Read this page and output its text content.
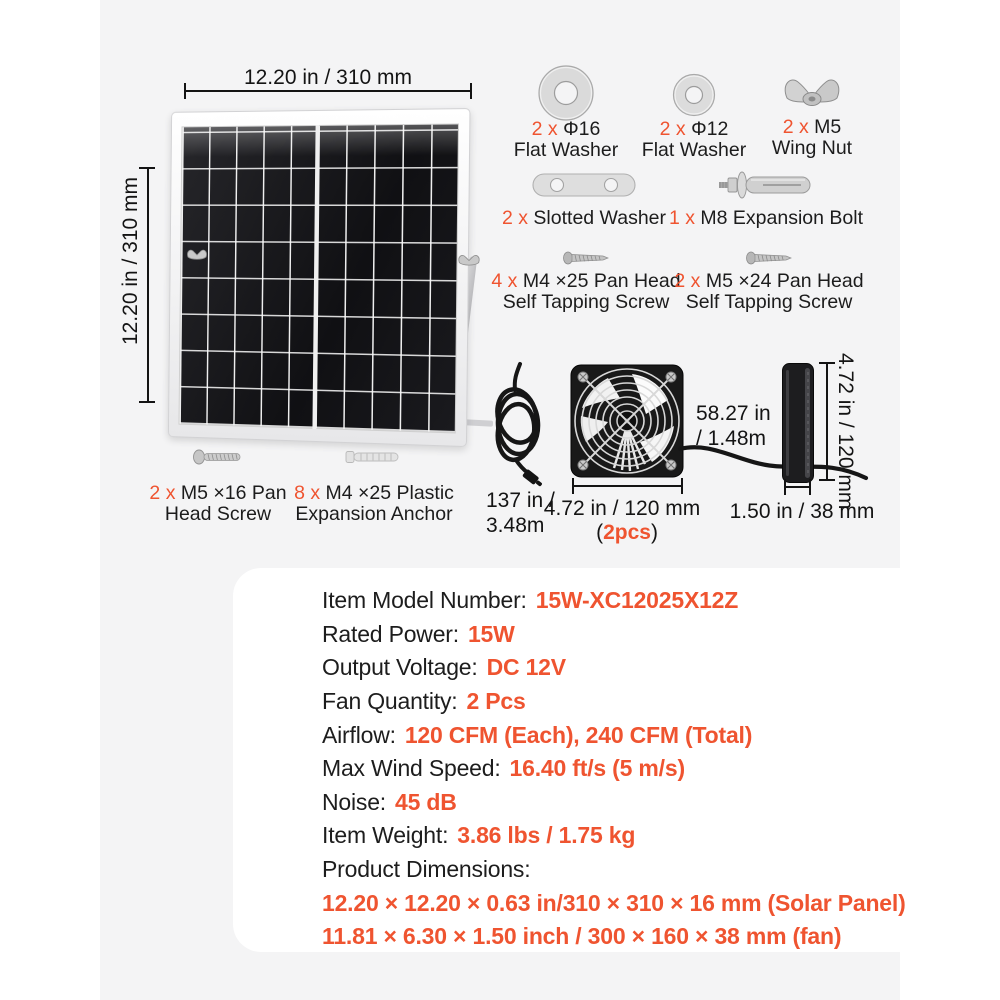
12.20 in / 310 mm
12.20 in / 310 mm
2 x Φ16
Flat Washer
2 x Φ12
Flat Washer
2 x M5
Wing Nut
2 x Slotted Washer 1 x M8 Expansion Bolt
4 x M4 ×25 Pan Head
Self Tapping Screw
2 x M5 ×24 Pan Head
Self Tapping Screw
2 x M5 ×16 Pan
Head Screw
8 x M4 ×25 Plastic
Expansion Anchor
137 in /
3.48m
4.72 in / 120 mm
(2pcs)
58.27 in
/ 1.48m	4.72 in / 120 mm
1.50 in / 38 mm
Item Model Number: 15W-XC12025X12Z
Rated Power: 15W
Output Voltage: DC 12V
Fan Quantity: 2 Pcs
Airflow: 120 CFM (Each), 240 CFM (Total)
Max Wind Speed: 16.40 ft/s (5 m/s)
Noise: 45 dB
Item Weight: 3.86 lbs / 1.75 kg
Product Dimensions:
12.20 × 12.20 × 0.63 in/310 × 310 × 16 mm (Solar Panel)
11.81 × 6.30 × 1.50 inch / 300 × 160 × 38 mm (fan)
